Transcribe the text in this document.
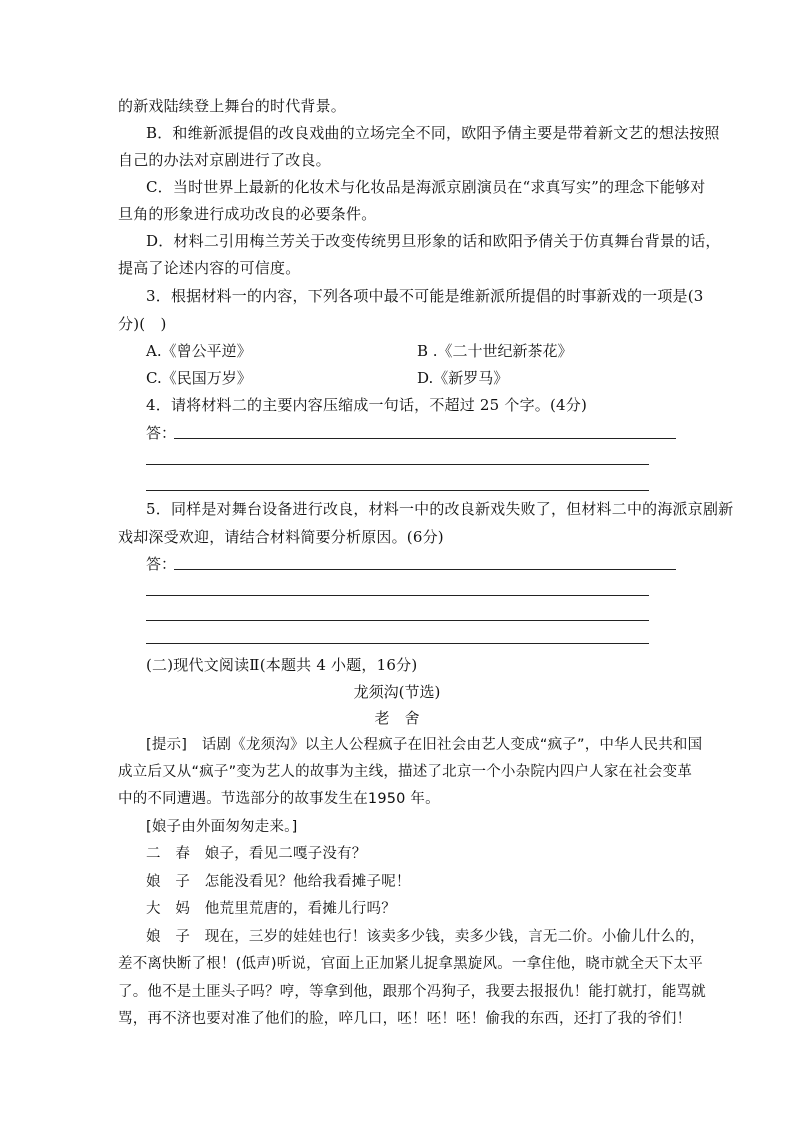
的新戏陆续登上舞台的时代背景。
B．和维新派提倡的改良戏曲的立场完全不同，欧阳予倩主要是带着新文艺的想法按照
自己的办法对京剧进行了改良。
C．当时世界上最新的化妆术与化妆品是海派京剧演员在“求真写实”的理念下能够对
旦角的形象进行成功改良的必要条件。
D．材料二引用梅兰芳关于改变传统男旦形象的话和欧阳予倩关于仿真舞台背景的话，
提高了论述内容的可信度。
3．根据材料一的内容，下列各项中最不可能是维新派所提倡的时事新戏的一项是(3
分)(　)
A.《曾公平逆》	B .《二十世纪新茶花》
C.《民国万岁》	D.《新罗马》
4．请将材料二的主要内容压缩成一句话，不超过 25 个字。(4分)
答：
5．同样是对舞台设备进行改良，材料一中的改良新戏失败了，但材料二中的海派京剧新
戏却深受欢迎，请结合材料简要分析原因。(6分)
答：
(二)现代文阅读Ⅱ(本题共 4 小题，16分)
龙须沟(节选)
老　舍
[提示]　话剧《龙须沟》以主人公程疯子在旧社会由艺人变成“疯子”，中华人民共和国
成立后又从“疯子”变为艺人的故事为主线，描述了北京一个小杂院内四户人家在社会变革
中的不同遭遇。节选部分的故事发生在1950 年。
[娘子由外面匆匆走来。]
二　春　娘子，看见二嘎子没有？
娘　子　怎能没看见？他给我看摊子呢！
大　妈　他荒里荒唐的，看摊儿行吗？
娘　子　现在，三岁的娃娃也行！该卖多少钱，卖多少钱，言无二价。小偷儿什么的，
差不离快断了根！(低声)听说，官面上正加紧儿捉拿黑旋风。一拿住他，晓市就全天下太平
了。他不是土匪头子吗？哼，等拿到他，跟那个冯狗子，我要去报报仇！能打就打，能骂就
骂，再不济也要对准了他们的脸，啐几口，呸！呸！呸！偷我的东西，还打了我的爷们！
